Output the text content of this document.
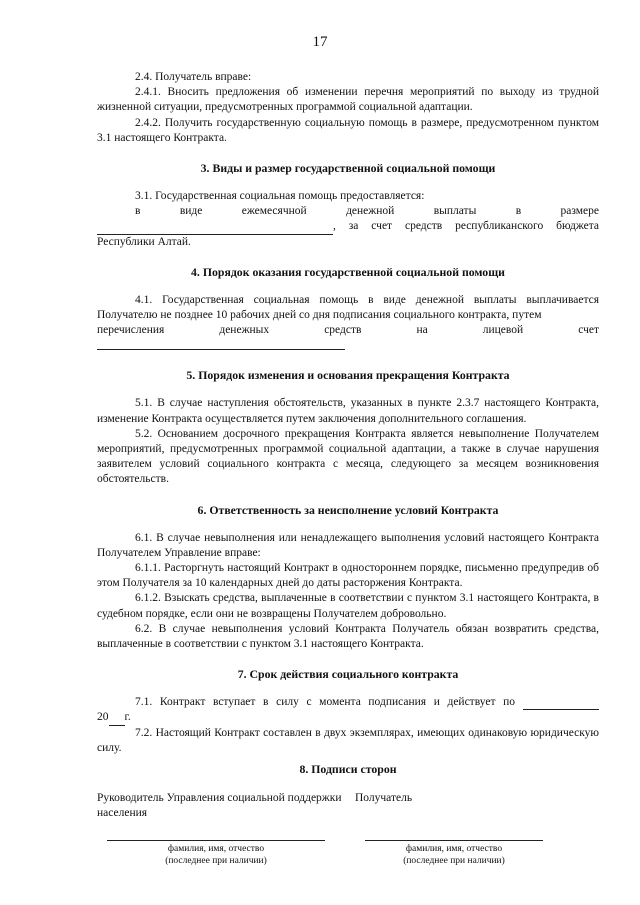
17

2.4. Получатель вправе:

2.4.1. Вносить предложения об изменении перечня мероприятий по выходу из трудной жизненной ситуации, предусмотренных программой социальной адаптации.

2.4.2. Получить государственную социальную помощь в размере, предусмотренном пунктом 3.1 настоящего Контракта.

3. Виды и размер государственной социальной помощи

3.1. Государственная социальная помощь предоставляется:

в виде ежемесячной денежной выплаты в размере

, за счет средств республиканского бюджета

Республики Алтай.

4. Порядок оказания государственной социальной помощи

4.1. Государственная социальная помощь в виде денежной выплаты выплачивается Получателю не позднее 10 рабочих дней со дня подписания социального контракта, путем

перечисления денежных средств на лицевой счет

5. Порядок изменения и основания прекращения Контракта

5.1. В случае наступления обстоятельств, указанных в пункте 2.3.7 настоящего Контракта, изменение Контракта осуществляется путем заключения дополнительного соглашения.

5.2. Основанием досрочного прекращения Контракта является невыполнение Получателем мероприятий, предусмотренных программой социальной адаптации, а также в случае нарушения заявителем условий социального контракта с месяца, следующего за месяцем возникновения обстоятельств.

6. Ответственность за неисполнение условий Контракта

6.1. В случае невыполнения или ненадлежащего выполнения условий настоящего Контракта Получателем Управление вправе:

6.1.1. Расторгнуть настоящий Контракт в одностороннем порядке, письменно предупредив об этом Получателя за 10 календарных дней до даты расторжения Контракта.

6.1.2. Взыскать средства, выплаченные в соответствии с пунктом 3.1 настоящего Контракта, в судебном порядке, если они не возвращены Получателем добровольно.

6.2. В случае невыполнения условий Контракта Получатель обязан возвратить средства, выплаченные в соответствии с пунктом 3.1 настоящего Контракта.

7. Срок действия социального контракта

7.1. Контракт вступает в силу с момента подписания и действует по

20 г.

7.2. Настоящий Контракт составлен в двух экземплярах, имеющих одинаковую юридическую силу.

8. Подписи сторон

Руководитель Управления социальной поддержки населения

Получатель

фамилия, имя, отчество
(последнее при наличии)
фамилия, имя, отчество
(последнее при наличии)
